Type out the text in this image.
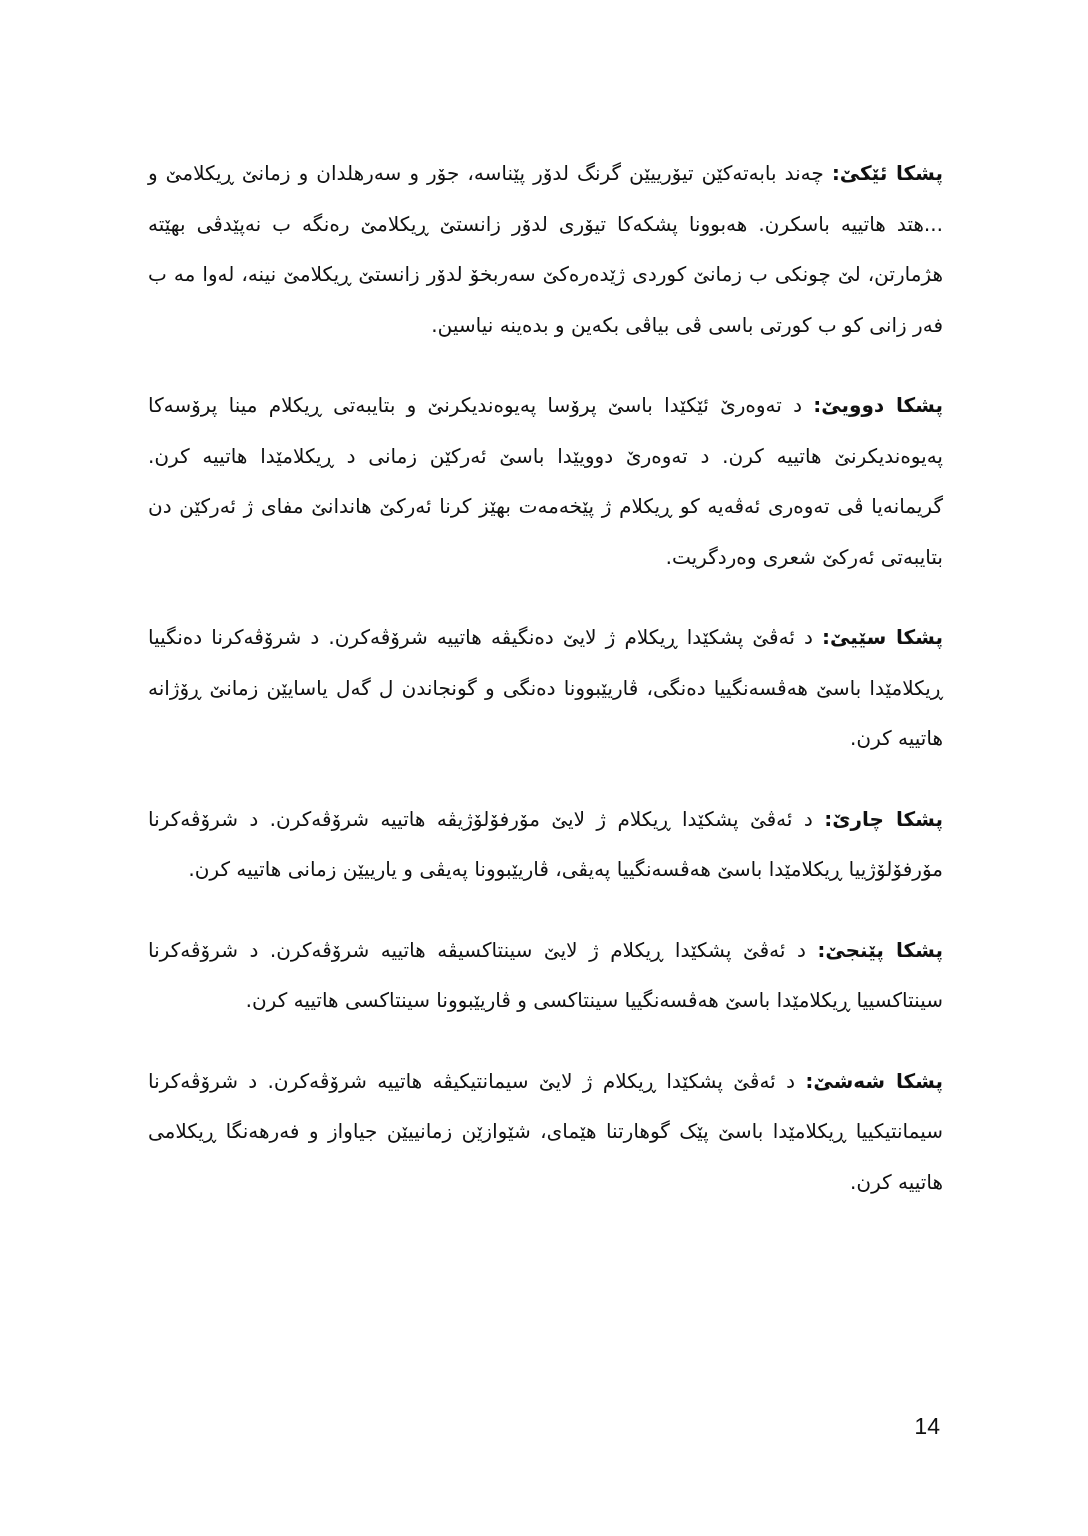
پشکا ئێکێ: چەند بابەتەکێن تیۆرییێن گرنگ لدۆر پێناسە، جۆر و سەرهلدان و زمانێ ڕیکلامێ و ...هتد هاتییە باسکرن. هەبوونا پشکەکا تیۆری لدۆر زانستێ ڕیکلامێ رەنگە ب نەپێدڤی بهێتە هژمارتن، لێ چونکی ب زمانێ کوردی ژێدەرەکێ سەربخۆ لدۆر زانستێ ڕیکلامێ نینە، لەوا مە ب فەر زانی کو ب کورتی باسی ڤی بیاڤی بکەین و بدەینە نیاسین.

پشکا دوویێ: د تەوەرێ ئێکێدا باسێ پرۆسا پەیوەندیکرنێ و بتایبەتی ڕیکلام مینا پرۆسەکا پەیوەندیکرنێ هاتییە کرن. د تەوەرێ دوویێدا باسێ ئەرکێن زمانی د ڕیکلامێدا هاتییە کرن. گریمانەیا ڤی تەوەری ئەڤەیە کو ڕیکلام ژ پێخەمەت بهێز کرنا ئەرکێ هاندانێ مفای ژ ئەرکێن دن بتایبەتی ئەرکێ شعری وەردگریت.

پشکا سێیێ: د ئەڤێ پشکێدا ڕیکلام ژ لایێ دەنگیڤە هاتییە شرۆڤەکرن. د شرۆڤەکرنا دەنگییا ڕیکلامێدا باسێ هەڤسەنگییا دەنگی، ڤاریێبوونا دەنگی و گونجاندن ل گەل یاسایێن زمانێ ڕۆژانە هاتییە کرن.

پشکا چارێ: د ئەڤێ پشکێدا ڕیکلام ژ لایێ مۆرفۆلۆژیڤە هاتییە شرۆڤەکرن. د شرۆڤەکرنا مۆرفۆلۆژییا ڕیکلامێدا باسێ هەڤسەنگییا پەیڤی، ڤاریێبوونا پەیڤی و یارییێن زمانی هاتییە کرن.

پشکا پێنجێ: د ئەڤێ پشکێدا ڕیکلام ژ لایێ سینتاکسیڤە هاتییە شرۆڤەکرن. د شرۆڤەکرنا سینتاکسییا ڕیکلامێدا باسێ هەڤسەنگییا سینتاکسی و ڤاریێبوونا سینتاکسی هاتییە کرن.

پشکا شەشێ: د ئەڤێ پشکێدا ڕیکلام ژ لایێ سیمانتیکیڤە هاتییە شرۆڤەکرن. د شرۆڤەکرنا سیمانتیکییا ڕیکلامێدا باسێ پێک گوهارتنا هێمای، شێوازێن زمانییێن جیاواز و فەرهەنگا ڕیکلامی هاتییە کرن.

14
